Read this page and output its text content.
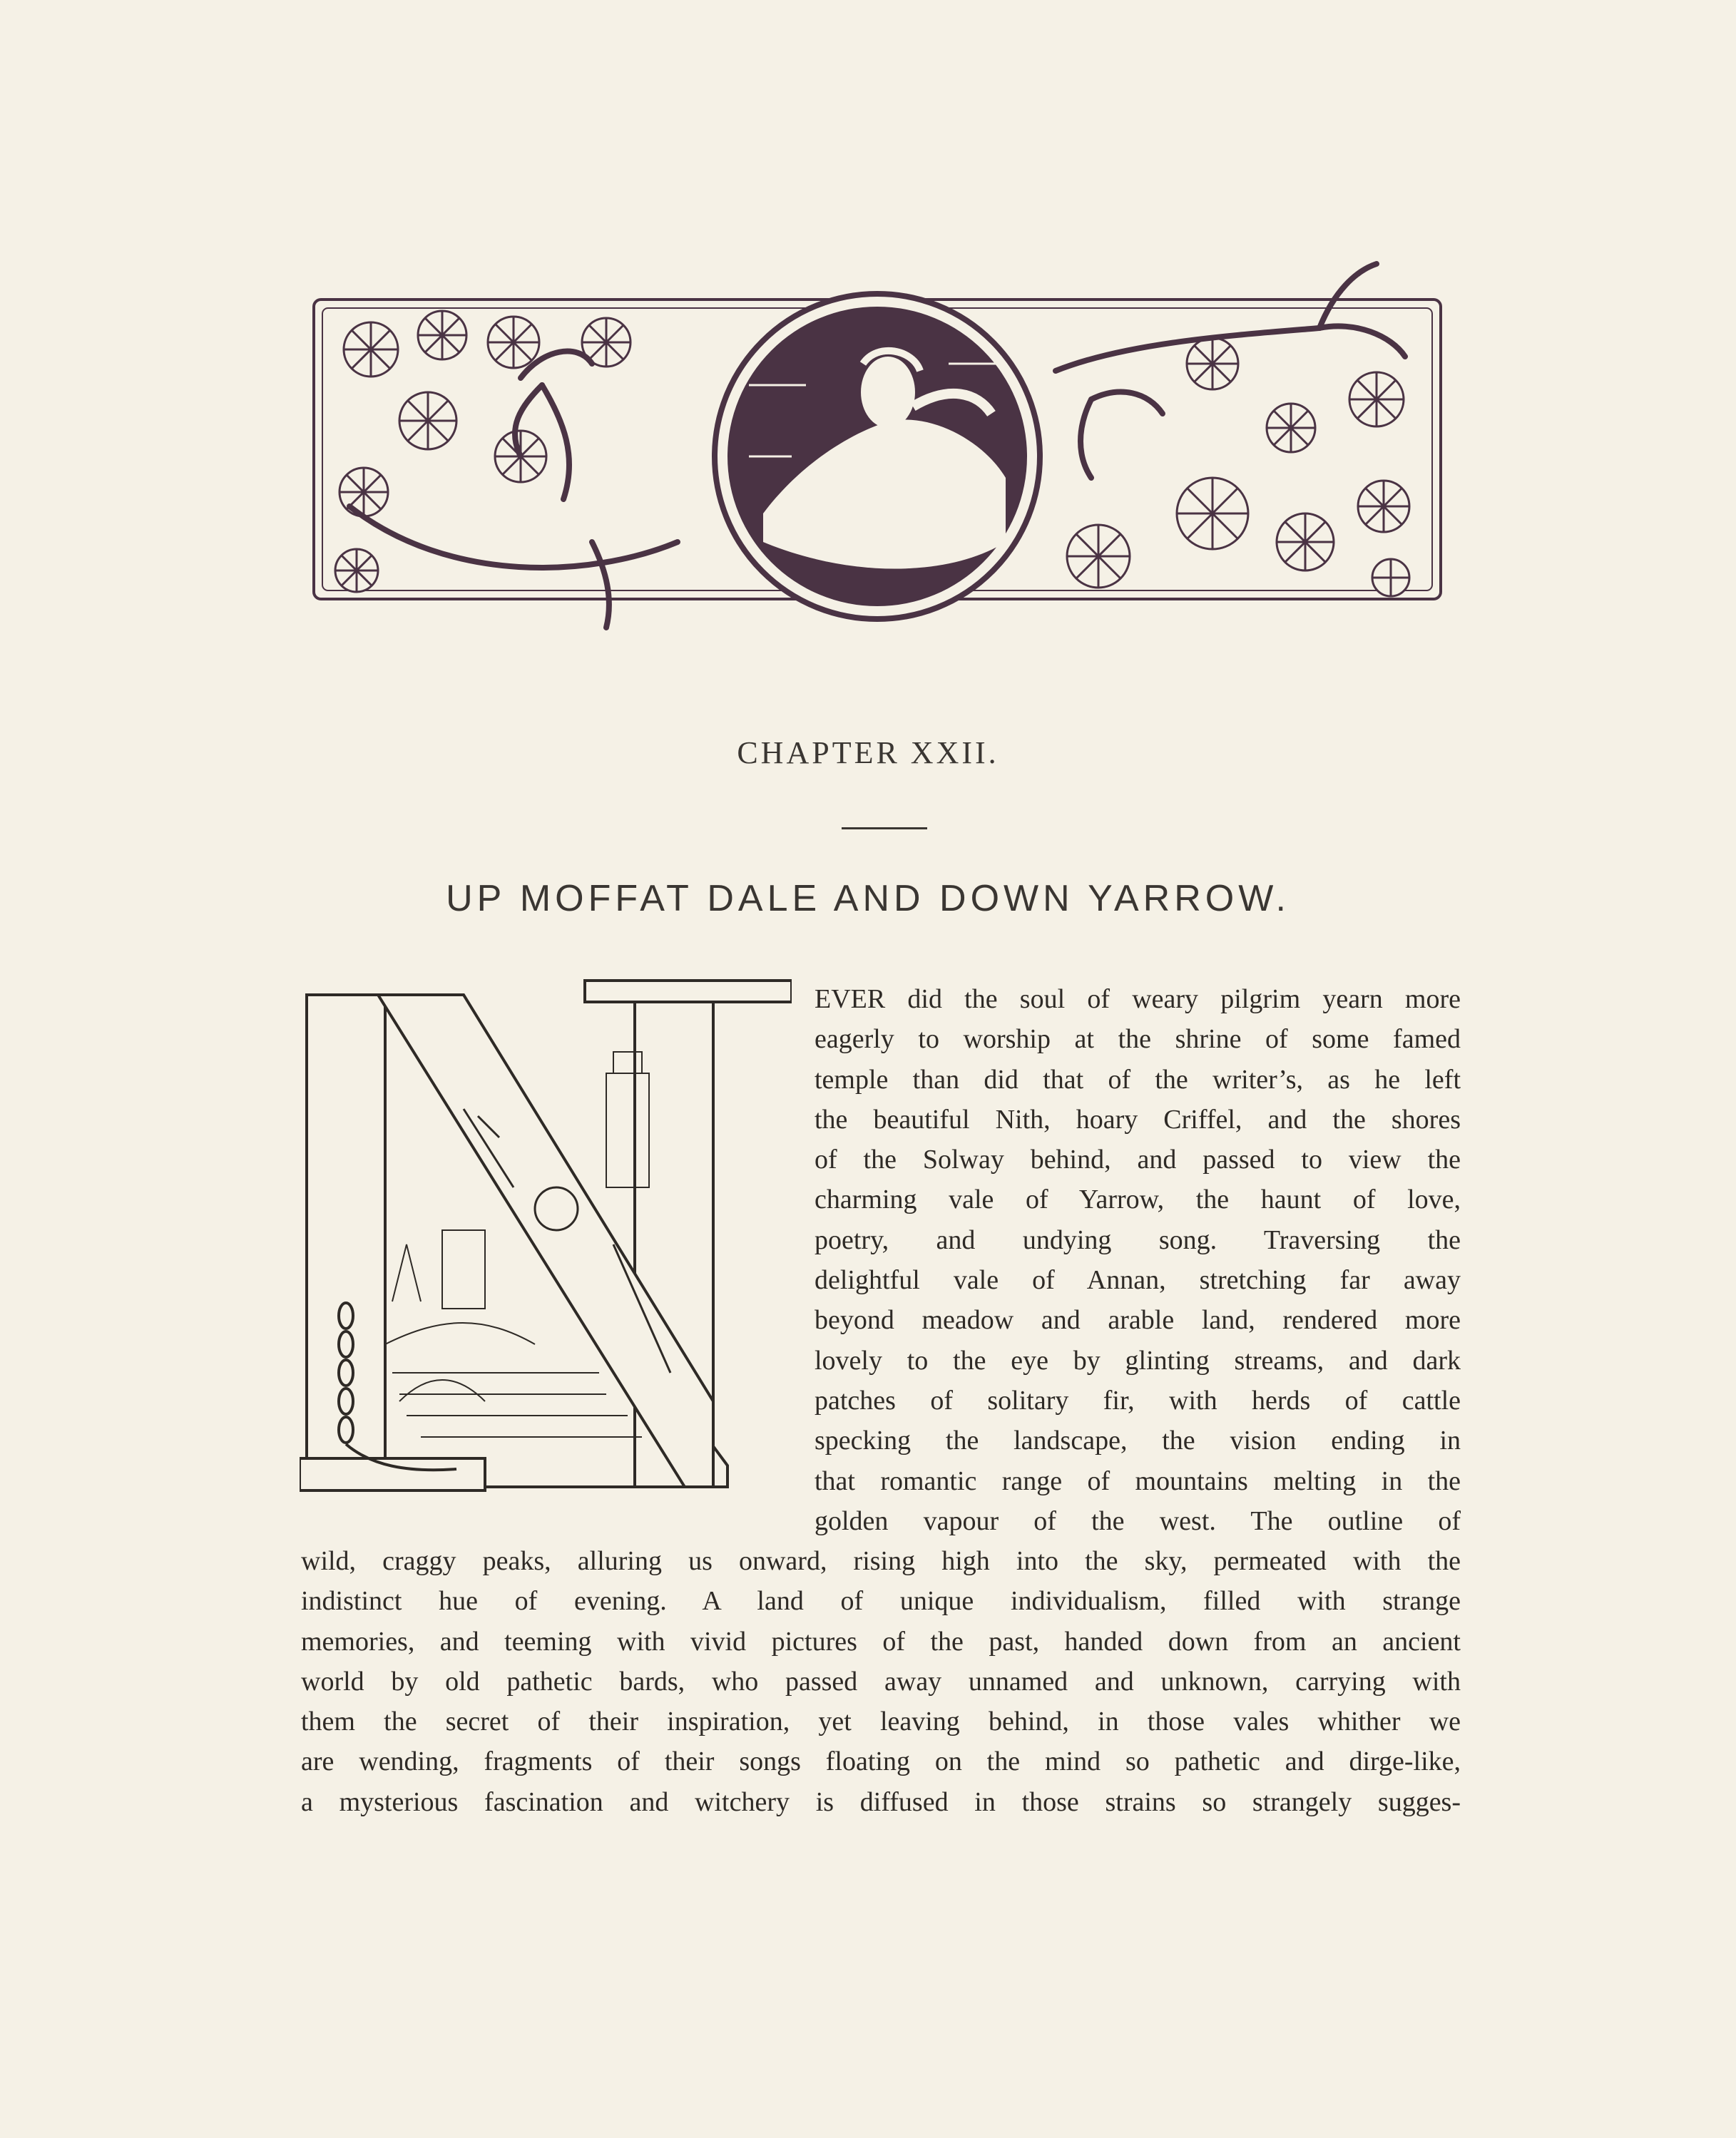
CHAPTER XXII.
UP MOFFAT DALE AND DOWN YARROW.
EVER did the soul of weary pilgrim yearn more
eagerly to worship at the shrine of some famed
temple than did that of the writer’s, as he left
the beautiful Nith, hoary Criffel, and the shores
of the Solway behind, and passed to view the
charming vale of Yarrow, the haunt of love,
poetry, and undying song. Traversing the
delightful vale of Annan, stretching far away
beyond meadow and arable land, rendered more
lovely to the eye by glinting streams, and dark
patches of solitary fir, with herds of cattle
specking the landscape, the vision ending in
that romantic range of mountains melting in the
golden vapour of the west. The outline of
wild, craggy peaks, alluring us onward, rising high into the sky, permeated with the
indistinct hue of evening. A land of unique individualism, filled with strange
memories, and teeming with vivid pictures of the past, handed down from an ancient
world by old pathetic bards, who passed away unnamed and unknown, carrying with
them the secret of their inspiration, yet leaving behind, in those vales whither we
are wending, fragments of their songs floating on the mind so pathetic and dirge-like,
a mysterious fascination and witchery is diffused in those strains so strangely sugges-
